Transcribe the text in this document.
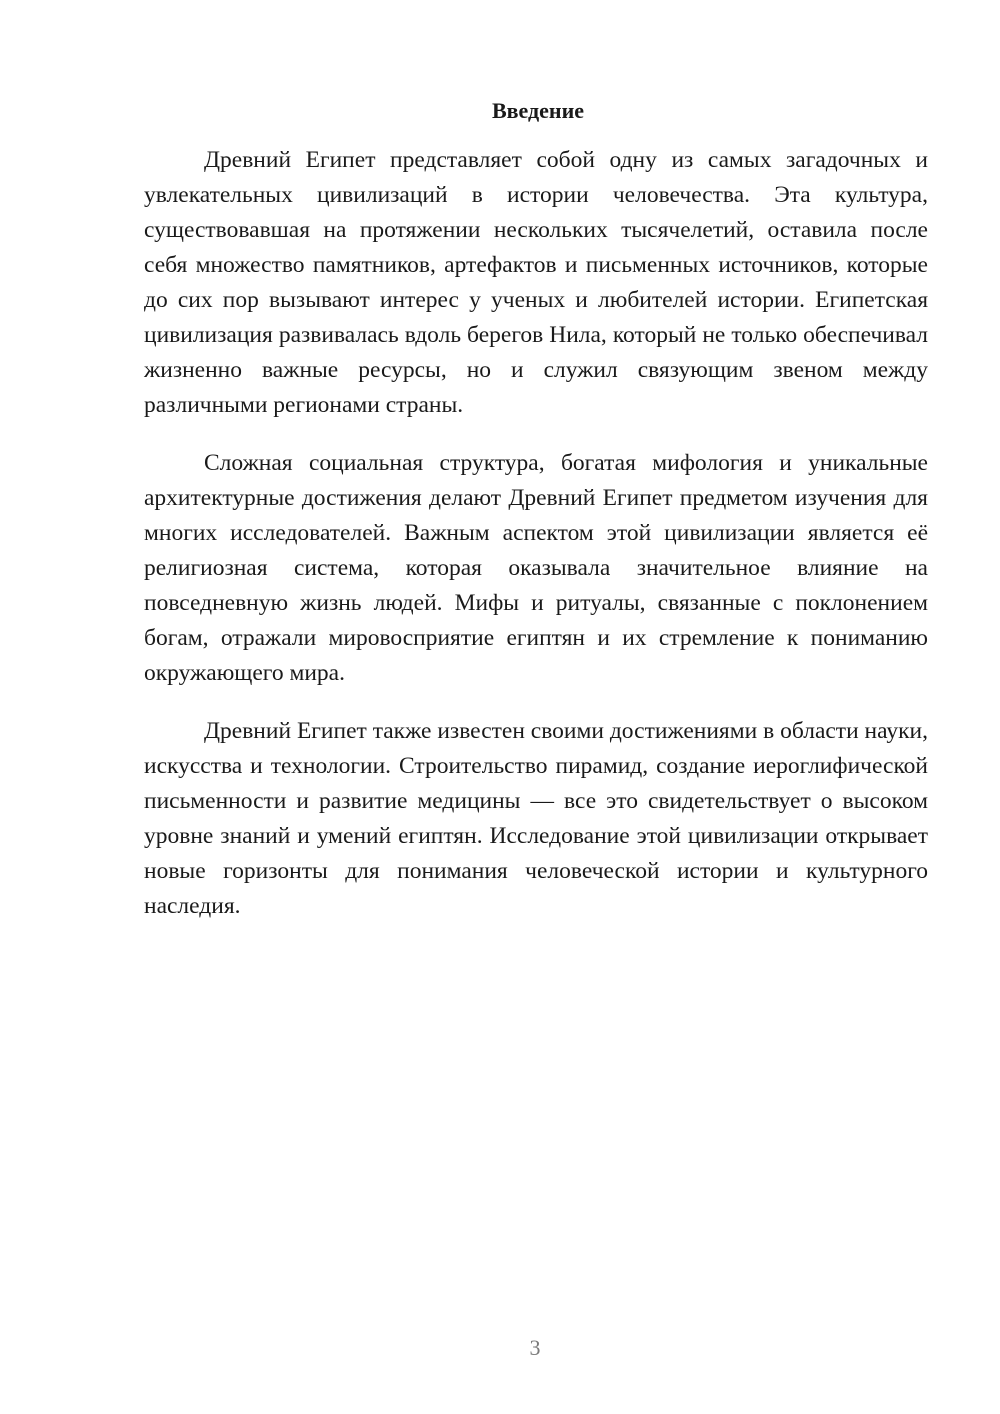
Введение

Древний Египет представляет собой одну из самых загадочных и увлекательных цивилизаций в истории человечества. Эта культура, существовавшая на протяжении нескольких тысячелетий, оставила после себя множество памятников, артефактов и письменных источников, которые до сих пор вызывают интерес у ученых и любителей истории. Египетская цивилизация развивалась вдоль берегов Нила, который не только обеспечивал жизненно важные ресурсы, но и служил связующим звеном между различными регионами страны.

Сложная социальная структура, богатая мифология и уникальные архитектурные достижения делают Древний Египет предметом изучения для многих исследователей. Важным аспектом этой цивилизации является её религиозная система, которая оказывала значительное влияние на повседневную жизнь людей. Мифы и ритуалы, связанные с поклонением богам, отражали мировосприятие египтян и их стремление к пониманию окружающего мира.

Древний Египет также известен своими достижениями в области науки, искусства и технологии. Строительство пирамид, создание иероглифической письменности и развитие медицины — все это свидетельствует о высоком уровне знаний и умений египтян. Исследование этой цивилизации открывает новые горизонты для понимания человеческой истории и культурного наследия.

3
